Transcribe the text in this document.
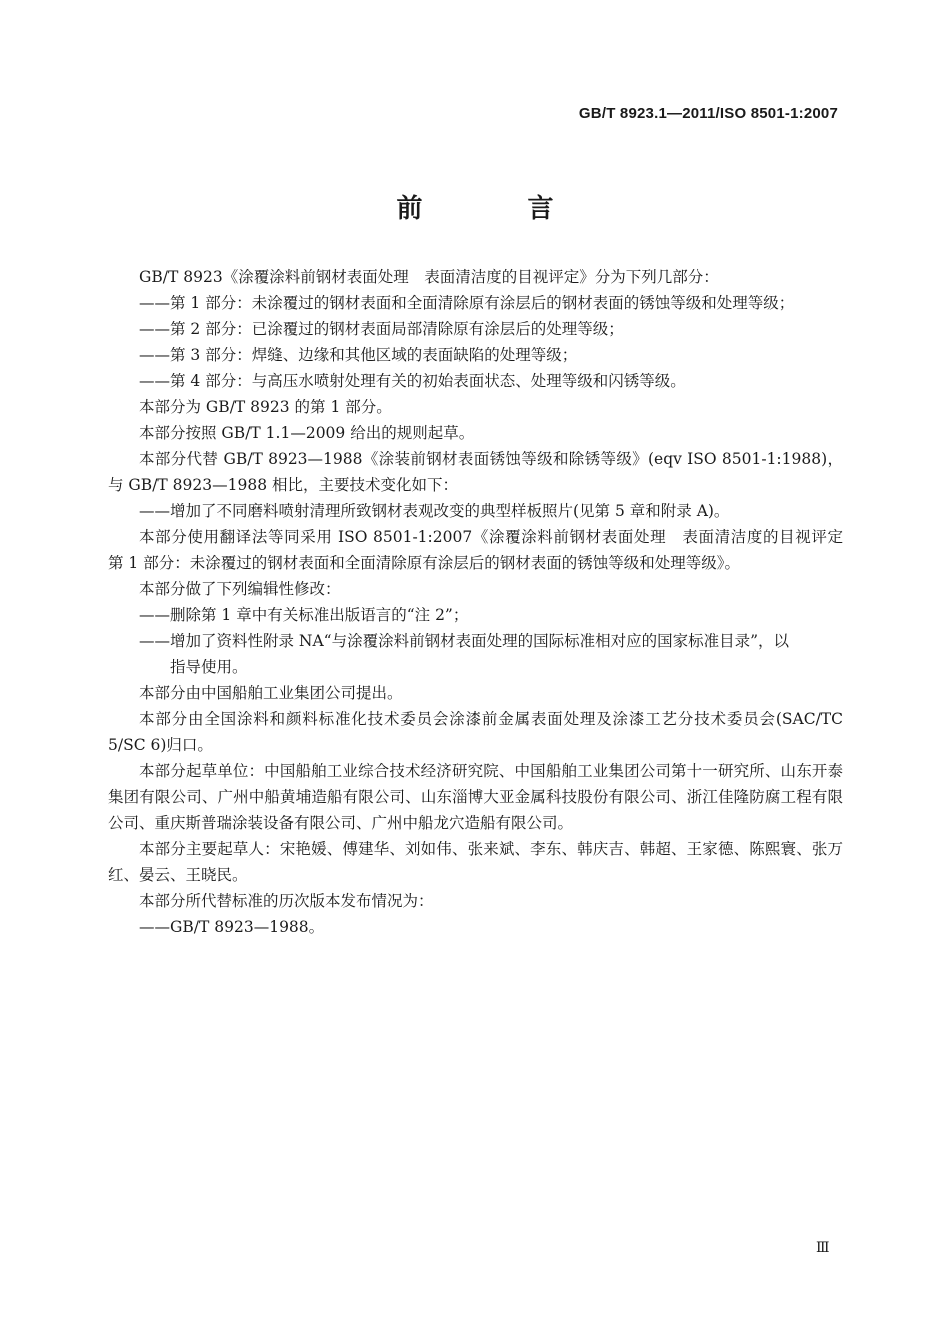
GB/T 8923.1—2011/ISO 8501-1:2007
前 言
GB/T 8923《涂覆涂料前钢材表面处理　表面清洁度的目视评定》分为下列几部分：
——第 1 部分：未涂覆过的钢材表面和全面清除原有涂层后的钢材表面的锈蚀等级和处理等级；
——第 2 部分：已涂覆过的钢材表面局部清除原有涂层后的处理等级；
——第 3 部分：焊缝、边缘和其他区域的表面缺陷的处理等级；
——第 4 部分：与高压水喷射处理有关的初始表面状态、处理等级和闪锈等级。
本部分为 GB/T 8923 的第 1 部分。
本部分按照 GB/T 1.1—2009 给出的规则起草。
本部分代替 GB/T 8923—1988《涂装前钢材表面锈蚀等级和除锈等级》(eqv ISO 8501-1:1988)，与 GB/T 8923—1988 相比，主要技术变化如下：
——增加了不同磨料喷射清理所致钢材表观改变的典型样板照片(见第 5 章和附录 A)。
本部分使用翻译法等同采用 ISO 8501-1:2007《涂覆涂料前钢材表面处理　表面清洁度的目视评定　第 1 部分：未涂覆过的钢材表面和全面清除原有涂层后的钢材表面的锈蚀等级和处理等级》。
本部分做了下列编辑性修改：
——删除第 1 章中有关标准出版语言的“注 2”；
——增加了资料性附录 NA“与涂覆涂料前钢材表面处理的国际标准相对应的国家标准目录”，以
指导使用。
本部分由中国船舶工业集团公司提出。
本部分由全国涂料和颜料标准化技术委员会涂漆前金属表面处理及涂漆工艺分技术委员会(SAC/TC 5/SC 6)归口。
本部分起草单位：中国船舶工业综合技术经济研究院、中国船舶工业集团公司第十一研究所、山东开泰集团有限公司、广州中船黄埔造船有限公司、山东淄博大亚金属科技股份有限公司、浙江佳隆防腐工程有限公司、重庆斯普瑞涂装设备有限公司、广州中船龙穴造船有限公司。
本部分主要起草人：宋艳媛、傅建华、刘如伟、张来斌、李东、韩庆吉、韩超、王家德、陈熙寰、张万红、晏云、王晓民。
本部分所代替标准的历次版本发布情况为：
——GB/T 8923—1988。
Ⅲ
